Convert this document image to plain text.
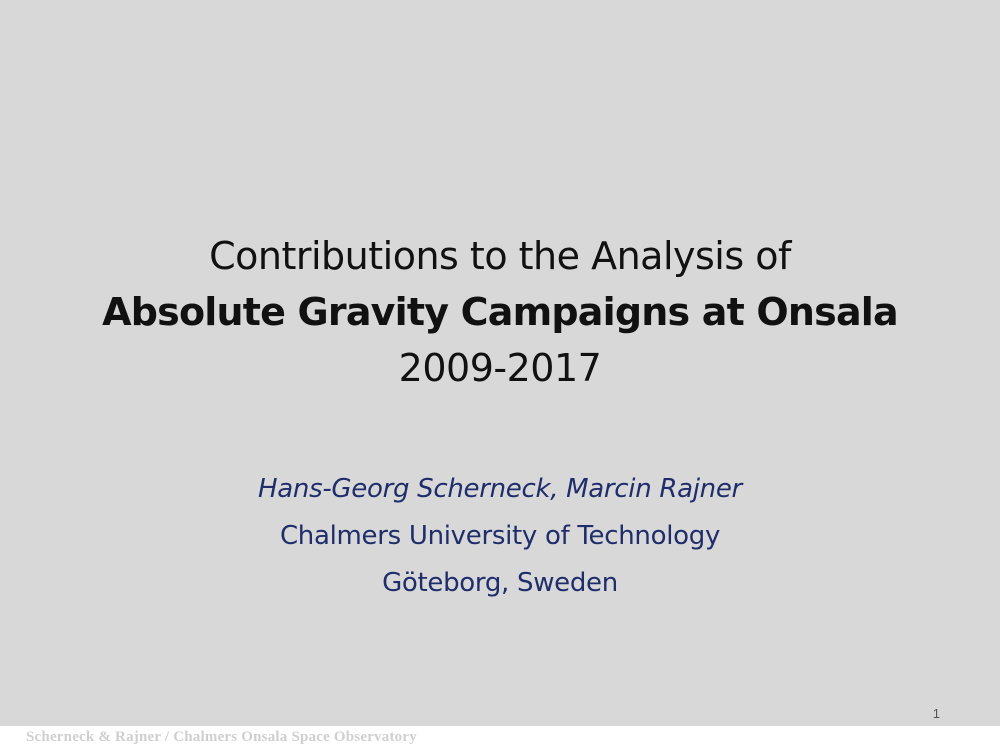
Contributions to the Analysis of
Absolute Gravity Campaigns at Onsala
2009-2017
Hans-Georg Scherneck, Marcin Rajner
Chalmers University of Technology
Göteborg, Sweden
1
Scherneck & Rajner / Chalmers Onsala Space Observatory
